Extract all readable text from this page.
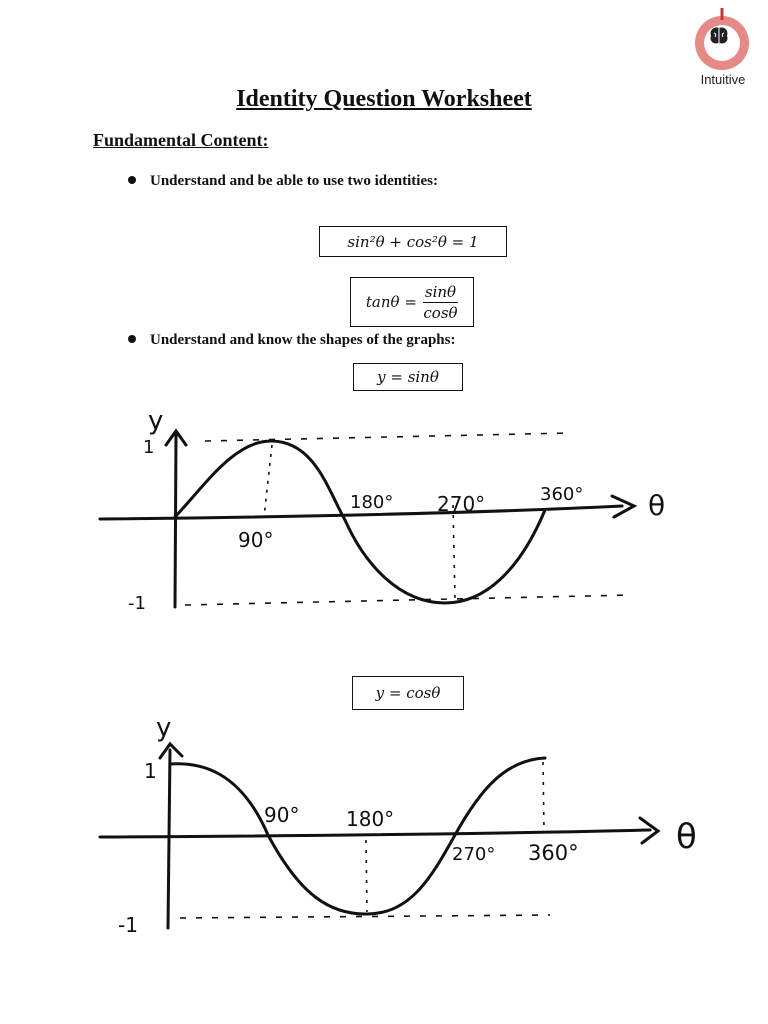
Intuitive
Identity Question Worksheet
Fundamental Content:
Understand and be able to use two identities:
sin²θ + cos²θ = 1
$\tan\theta = \frac{\sin\theta}{\cos\theta}$
Understand and know the shapes of the graphs:
y = sinθ
y
1
-1
90°
180° 270°	360° θ
y = cosθ
y
1
-1
90° 180°
270° 360°	θ
